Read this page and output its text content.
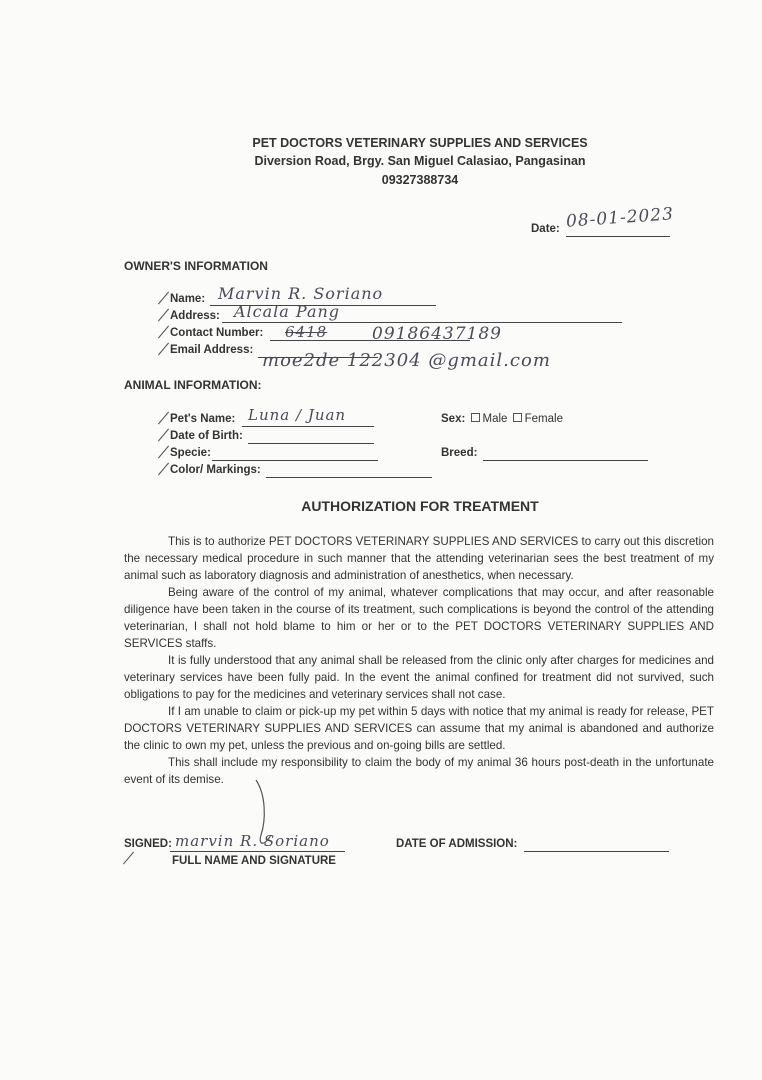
PET DOCTORS VETERINARY SUPPLIES AND SERVICES
Diversion Road, Brgy. San Miguel Calasiao, Pangasinan
09327388734
Date: 08-01-2023
OWNER'S INFORMATION
Name: Marvin R. Soriano
Address: Alcala Pang
Contact Number: 6418	09186437189
Email Address: moe2de 122304 @gmail.com
ANIMAL INFORMATION:
Pet's Name: Luna / Juan	Sex: Male Female
Date of Birth:
Specie:	Breed:
Color/ Markings:
AUTHORIZATION FOR TREATMENT

This is to authorize PET DOCTORS VETERINARY SUPPLIES AND SERVICES to carry out this discretion the necessary medical procedure in such manner that the attending veterinarian sees the best treatment of my animal such as laboratory diagnosis and administration of anesthetics, when necessary.

Being aware of the control of my animal, whatever complications that may occur, and after reasonable diligence have been taken in the course of its treatment, such complications is beyond the control of the attending veterinarian, I shall not hold blame to him or her or to the PET DOCTORS VETERINARY SUPPLIES AND SERVICES staffs.

It is fully understood that any animal shall be released from the clinic only after charges for medicines and veterinary services have been fully paid. In the event the animal confined for treatment did not survived, such obligations to pay for the medicines and veterinary services shall not case.

If I am unable to claim or pick-up my pet within 5 days with notice that my animal is ready for release, PET DOCTORS VETERINARY SUPPLIES AND SERVICES can assume that my animal is abandoned and authorize the clinic to own my pet, unless the previous and on-going bills are settled.

This shall include my responsibility to claim the body of my animal 36 hours post-death in the unfortunate event of its demise.

SIGNED: marvin R. Soriano
FULL NAME AND SIGNATURE
DATE OF ADMISSION:
